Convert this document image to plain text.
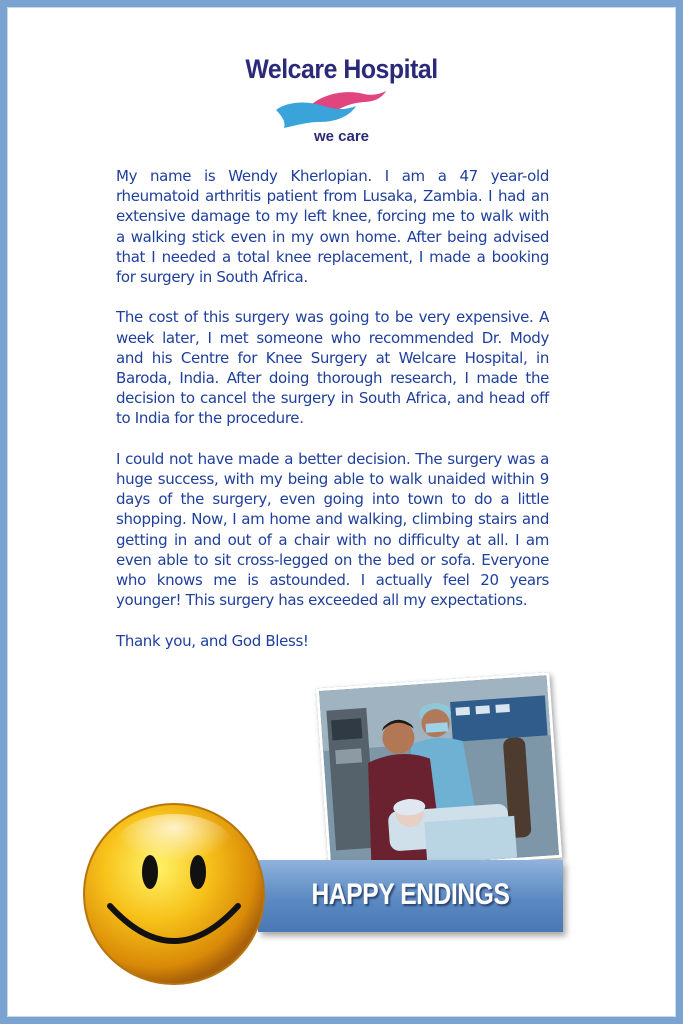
Welcare Hospital
we care

My name is Wendy Kherlopian. I am a 47 year-old rheumatoid arthritis patient from Lusaka, Zambia. I had an extensive damage to my left knee, forcing me to walk with a walking stick even in my own home. After being advised that I needed a total knee replacement, I made a booking for surgery in South Africa.

The cost of this surgery was going to be very expensive. A week later, I met someone who recommended Dr. Mody and his Centre for Knee Surgery at Welcare Hospital, in Baroda, India. After doing thorough research, I made the decision to cancel the surgery in South Africa, and head off to India for the procedure.

I could not have made a better decision. The surgery was a huge success, with my being able to walk unaided within 9 days of the surgery, even going into town to do a little shopping. Now, I am home and walking, climbing stairs and getting in and out of a chair with no difficulty at all. I am even able to sit cross-legged on the bed or sofa. Everyone who knows me is astounded. I actually feel 20 years younger! This surgery has exceeded all my expectations.

Thank you, and God Bless!

HAPPY ENDINGS
